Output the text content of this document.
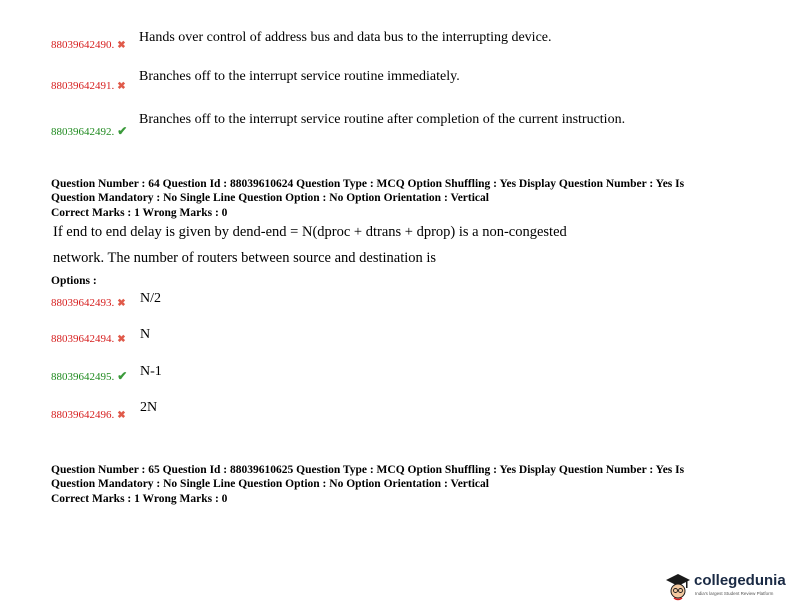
88039642490. ✖
Hands over control of address bus and data bus to the interrupting device.
88039642491. ✖
Branches off to the interrupt service routine immediately.
88039642492. ✔
Branches off to the interrupt service routine after completion of the current instruction.
Question Number : 64 Question Id : 88039610624 Question Type : MCQ Option Shuffling : Yes Display Question Number : Yes Is
Question Mandatory : No Single Line Question Option : No Option Orientation : Vertical
Correct Marks : 1 Wrong Marks : 0
If end to end delay is given by dend-end = N(dproc + dtrans + dprop) is a non-congested
network. The number of routers between source and destination is
Options :
88039642493. ✖ N/2
88039642494. ✖ N
88039642495. ✔ N-1
88039642496. ✖
2N
Question Number : 65 Question Id : 88039610625 Question Type : MCQ Option Shuffling : Yes Display Question Number : Yes Is
Question Mandatory : No Single Line Question Option : No Option Orientation : Vertical
Correct Marks : 1 Wrong Marks : 0
collegedunia
India's largest Student Review Platform
